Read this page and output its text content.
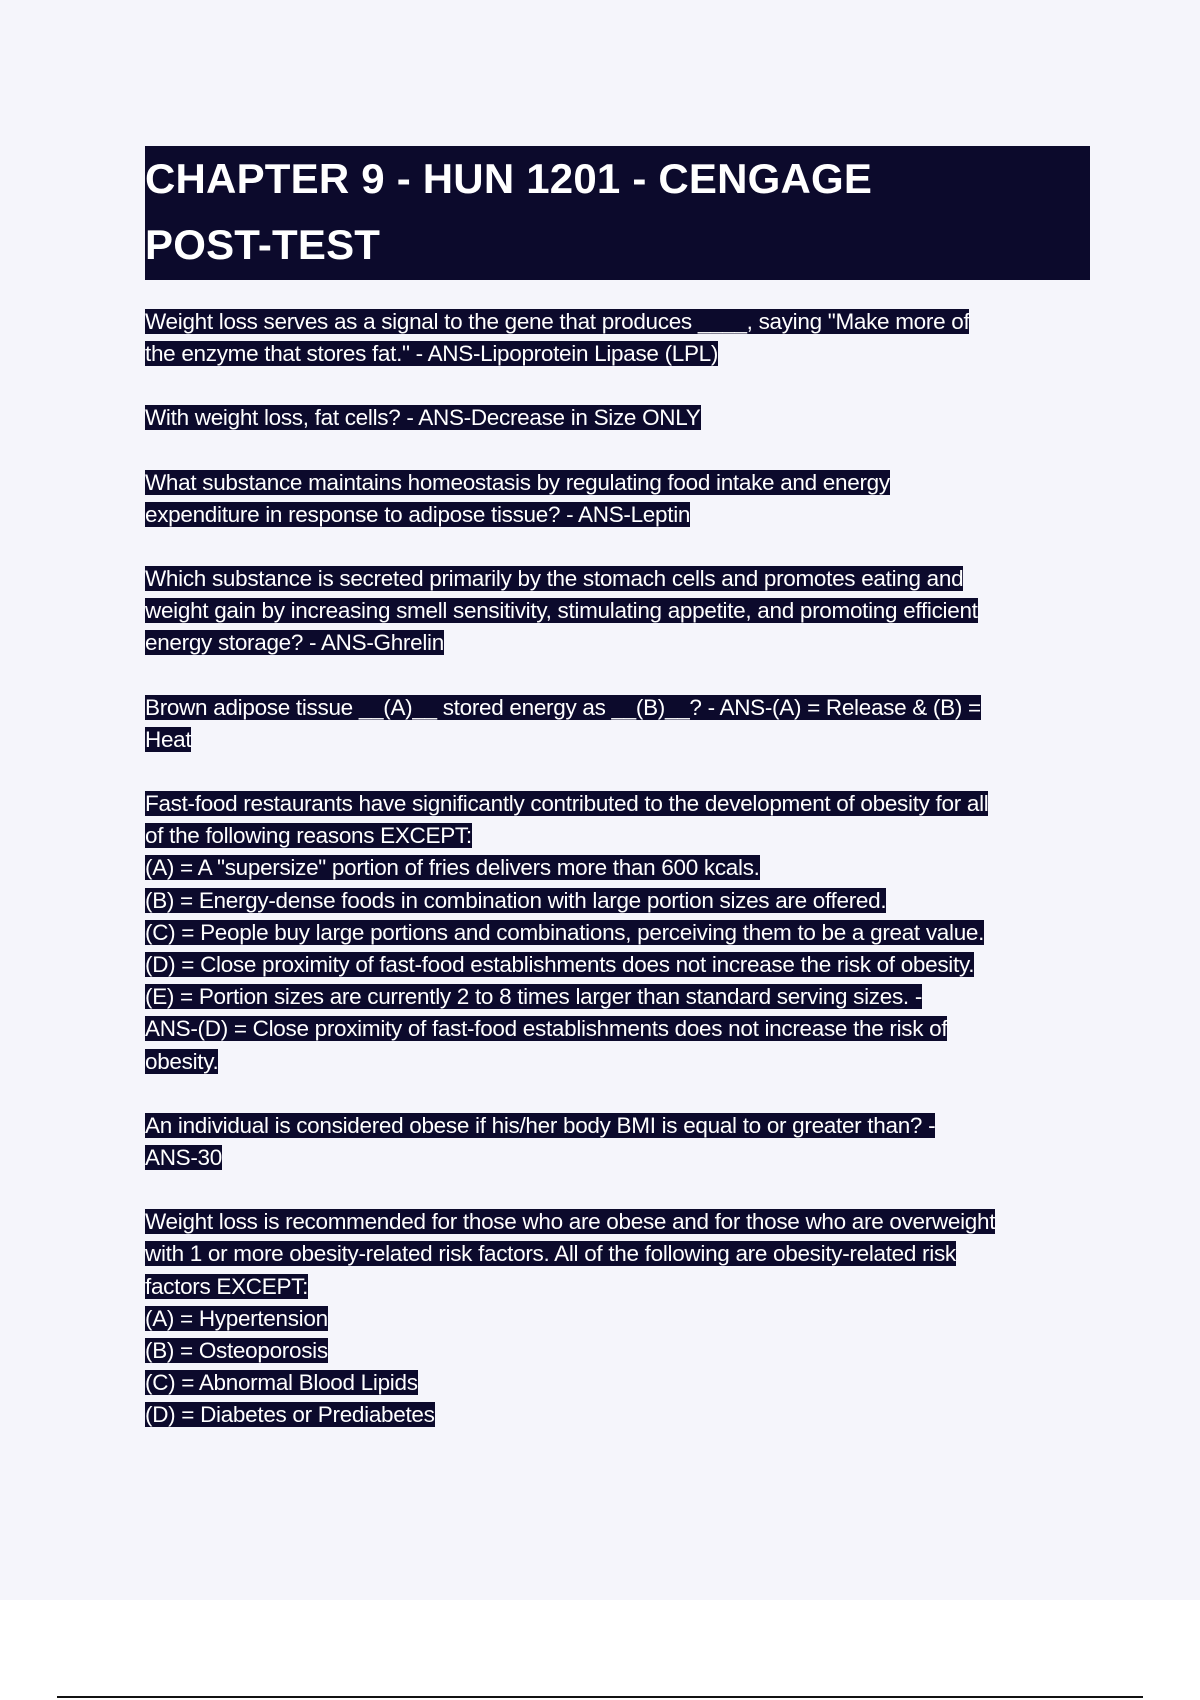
CHAPTER 9 - HUN 1201 - CENGAGE
POST-TEST
Weight loss serves as a signal to the gene that produces ____, saying "Make more of
the enzyme that stores fat." - ANS-Lipoprotein Lipase (LPL)
With weight loss, fat cells? - ANS-Decrease in Size ONLY
What substance maintains homeostasis by regulating food intake and energy
expenditure in response to adipose tissue? - ANS-Leptin
Which substance is secreted primarily by the stomach cells and promotes eating and
weight gain by increasing smell sensitivity, stimulating appetite, and promoting efficient
energy storage? - ANS-Ghrelin
Brown adipose tissue __(A)__ stored energy as __(B)__? - ANS-(A) = Release & (B) =
Heat
Fast-food restaurants have significantly contributed to the development of obesity for all
of the following reasons EXCEPT:
(A) = A "supersize" portion of fries delivers more than 600 kcals.
(B) = Energy-dense foods in combination with large portion sizes are offered.
(C) = People buy large portions and combinations, perceiving them to be a great value.
(D) = Close proximity of fast-food establishments does not increase the risk of obesity.
(E) = Portion sizes are currently 2 to 8 times larger than standard serving sizes. -
ANS-(D) = Close proximity of fast-food establishments does not increase the risk of
obesity.
An individual is considered obese if his/her body BMI is equal to or greater than? -
ANS-30
Weight loss is recommended for those who are obese and for those who are overweight
with 1 or more obesity-related risk factors. All of the following are obesity-related risk
factors EXCEPT:
(A) = Hypertension
(B) = Osteoporosis
(C) = Abnormal Blood Lipids
(D) = Diabetes or Prediabetes
